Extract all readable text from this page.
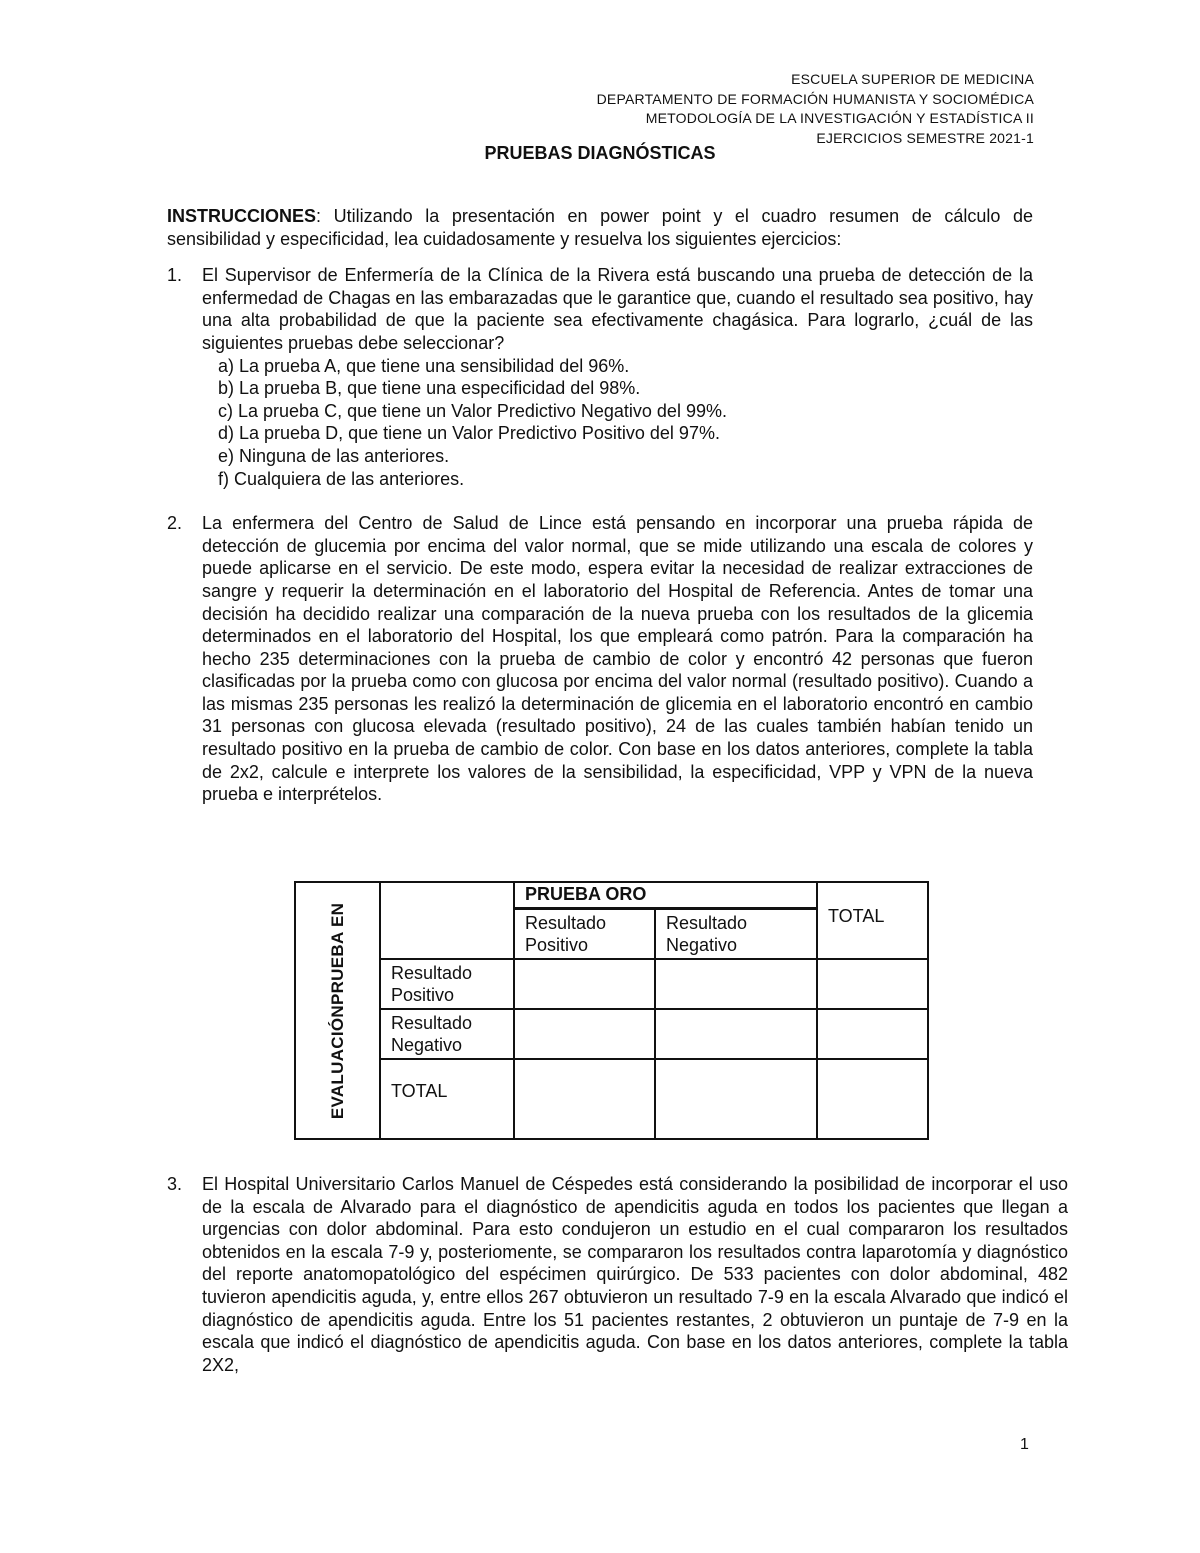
ESCUELA SUPERIOR DE MEDICINA
DEPARTAMENTO DE FORMACIÓN HUMANISTA Y SOCIOMÉDICA
METODOLOGÍA DE LA INVESTIGACIÓN Y ESTADÍSTICA II
EJERCICIOS SEMESTRE 2021-1
PRUEBAS DIAGNÓSTICAS

INSTRUCCIONES: Utilizando la presentación en power point y el cuadro resumen de cálculo de sensibilidad y especificidad, lea cuidadosamente y resuelva los siguientes ejercicios:

1. El Supervisor de Enfermería de la Clínica de la Rivera está buscando una prueba de detección de la enfermedad de Chagas en las embarazadas que le garantice que, cuando el resultado sea positivo, hay una alta probabilidad de que la paciente sea efectivamente chagásica. Para lograrlo, ¿cuál de las siguientes pruebas debe seleccionar?

a) La prueba A, que tiene una sensibilidad del 96%.
b) La prueba B, que tiene una especificidad del 98%.
c) La prueba C, que tiene un Valor Predictivo Negativo del 99%.
d) La prueba D, que tiene un Valor Predictivo Positivo del 97%.
e) Ninguna de las anteriores.
f) Cualquiera de las anteriores.
2. La enfermera del Centro de Salud de Lince está pensando en incorporar una prueba rápida de detección de glucemia por encima del valor normal, que se mide utilizando una escala de colores y puede aplicarse en el servicio. De este modo, espera evitar la necesidad de realizar extracciones de sangre y requerir la determinación en el laboratorio del Hospital de Referencia. Antes de tomar una decisión ha decidido realizar una comparación de la nueva prueba con los resultados de la glicemia determinados en el laboratorio del Hospital, los que empleará como patrón. Para la comparación ha hecho 235 determinaciones con la prueba de cambio de color y encontró 42 personas que fueron clasificadas por la prueba como con glucosa por encima del valor normal (resultado positivo). Cuando a las mismas 235 personas les realizó la determinación de glicemia en el laboratorio encontró en cambio 31 personas con glucosa elevada (resultado positivo), 24 de las cuales también habían tenido un resultado positivo en la prueba de cambio de color. Con base en los datos anteriores, complete la tabla de 2x2, calcule e interprete los valores de la sensibilidad, la especificidad, VPP y VPN de la nueva prueba e interprételos.

3. El Hospital Universitario Carlos Manuel de Céspedes está considerando la posibilidad de incorporar el uso de la escala de Alvarado para el diagnóstico de apendicitis aguda en todos los pacientes que llegan a urgencias con dolor abdominal. Para esto condujeron un estudio en el cual compararon los resultados obtenidos en la escala 7-9 y, posteriomente, se compararon los resultados contra laparotomía y diagnóstico del reporte anatomopatológico del espécimen quirúrgico. De 533 pacientes con dolor abdominal, 482 tuvieron apendicitis aguda, y, entre ellos 267 obtuvieron un resultado 7-9 en la escala Alvarado que indicó el diagnóstico de apendicitis aguda. Entre los 51 pacientes restantes, 2 obtuvieron un puntaje de 7-9 en la escala que indicó el diagnóstico de apendicitis aguda. Con base en los datos anteriores, complete la tabla 2X2,

EVALUACIÓNPRUEBA EN		PRUEBA ORO		TOTAL
		Resultado Positivo	Resultado Negativo	
	Resultado Positivo			
	Resultado Negativo			
	TOTAL			
1
